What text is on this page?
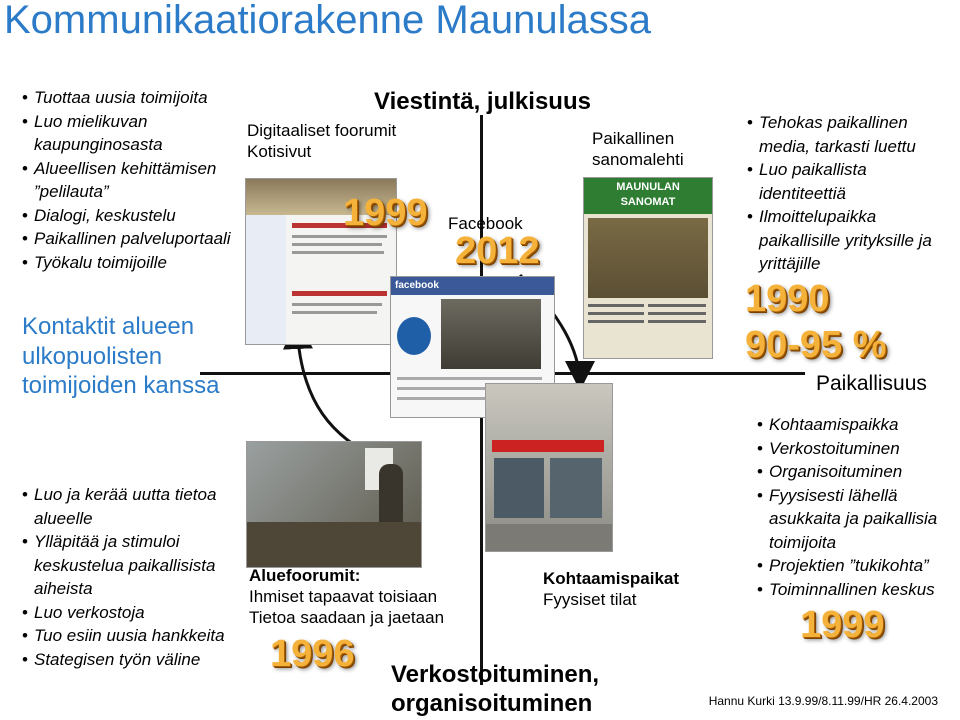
Kommunikaatiorakenne Maunulassa
• Tuottaa uusia toimijoita
• Luo mielikuvan kaupunginosasta
• Alueellisen kehittämisen ”pelilauta”
• Dialogi, keskustelu
• Paikallinen palveluportaali
• Työkalu toimijoille
Kontaktit alueen ulkopuolisten toimijoiden kanssa
• Luo ja kerää uutta tietoa alueelle
• Ylläpitää ja stimuloi keskustelua paikallisista aiheista
• Luo verkostoja
• Tuo esiin uusia hankkeita
• Stategisen työn väline
Viestintä, julkisuus
Digitaaliset foorumit
Kotisivut
1999 Facebook
2012
facebook
Paikallinen
sanomalehti
MAUNULAN
SANOMAT
• Tehokas paikallinen media, tarkasti luettu
• Luo paikallista identiteettiä
• Ilmoittelupaikka paikallisille yrityksille ja yrittäjille
1990
90-95 %
Paikallisuus
• Kohtaamispaikka
• Verkostoituminen
• Organisoituminen
• Fyysisesti lähellä asukkaita ja paikallisia toimijoita
• Projektien ”tukikohta”
• Toiminnallinen keskus
1999
Aluefoorumit:
Ihmiset tapaavat toisiaan
Tietoa saadaan ja jaetaan
1996
Kohtaamispaikat
Fyysiset tilat
Verkostoituminen,
organisoituminen	Hannu Kurki 13.9.99/8.11.99/HR 26.4.2003
